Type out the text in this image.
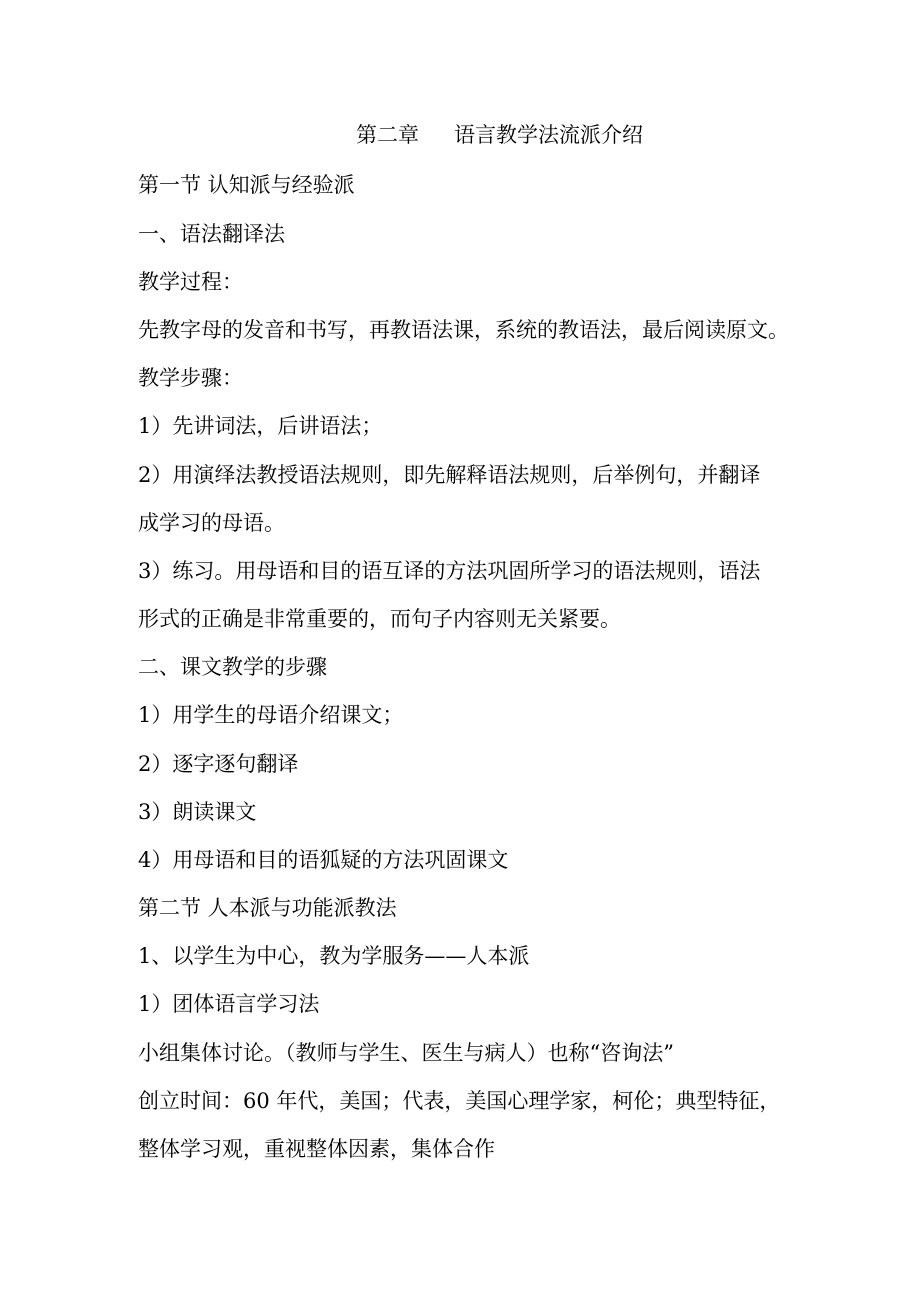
第二章 语言教学法流派介绍
第一节 认知派与经验派
一、语法翻译法
教学过程：
先教字母的发音和书写，再教语法课，系统的教语法，最后阅读原文。
教学步骤：
1）先讲词法，后讲语法；
2）用演绎法教授语法规则，即先解释语法规则，后举例句，并翻译
成学习的母语。
3）练习。用母语和目的语互译的方法巩固所学习的语法规则，语法
形式的正确是非常重要的，而句子内容则无关紧要。
二、课文教学的步骤
1）用学生的母语介绍课文；
2）逐字逐句翻译
3）朗读课文
4）用母语和目的语狐疑的方法巩固课文
第二节 人本派与功能派教法
1、以学生为中心，教为学服务——人本派
1）团体语言学习法
小组集体讨论。（教师与学生、医生与病人）也称“咨询法”
创立时间：60 年代，美国；代表，美国心理学家，柯伦；典型特征，
整体学习观，重视整体因素，集体合作
